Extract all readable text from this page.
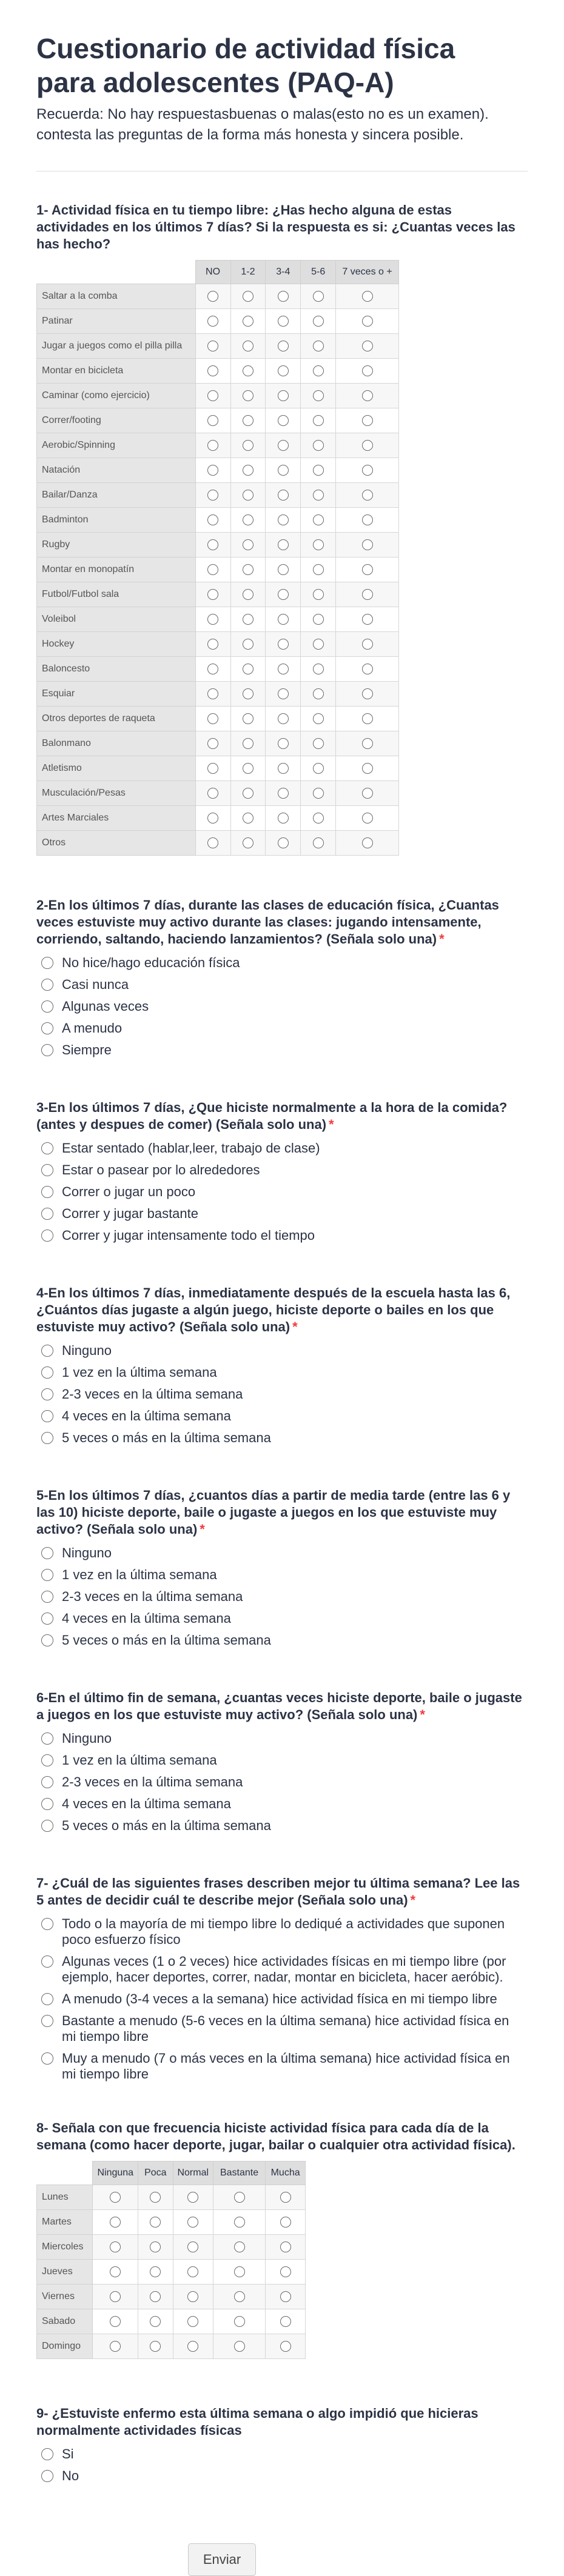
Cuestionario de actividad física para adolescentes (PAQ-A)

Recuerda: No hay respuestasbuenas o malas(esto no es un examen). contesta las preguntas de la forma más honesta y sincera posible.

1- Actividad física en tu tiempo libre: ¿Has hecho alguna de estas actividades en los últimos 7 días? Si la respuesta es si: ¿Cuantas veces las has hecho?
	NO	1-2	3-4	5-6	7 veces o +
Saltar a la comba					
Patinar					
Jugar a juegos como el pilla pilla					
Montar en bicicleta					
Caminar (como ejercicio)					
Correr/footing					
Aerobic/Spinning					
Natación					
Bailar/Danza					
Badminton					
Rugby					
Montar en monopatín					
Futbol/Futbol sala					
Voleibol					
Hockey					
Baloncesto					
Esquiar					
Otros deportes de raqueta					
Balonmano					
Atletismo					
Musculación/Pesas					
Artes Marciales					
Otros					
2-En los últimos 7 días, durante las clases de educación física, ¿Cuantas veces estuviste muy activo durante las clases: jugando intensamente, corriendo, saltando, haciendo lanzamientos? (Señala solo una) *
No hice/hago educación física
Casi nunca
Algunas veces
A menudo
Siempre
3-En los últimos 7 días, ¿Que hiciste normalmente a la hora de la comida? (antes y despues de comer) (Señala solo una) *
Estar sentado (hablar,leer, trabajo de clase)
Estar o pasear por lo alrededores
Correr o jugar un poco
Correr y jugar bastante
Correr y jugar intensamente todo el tiempo
4-En los últimos 7 días, inmediatamente después de la escuela hasta las 6, ¿Cuántos días jugaste a algún juego, hiciste deporte o bailes en los que estuviste muy activo? (Señala solo una) *
Ninguno
1 vez en la última semana
2-3 veces en la última semana
4 veces en la última semana
5 veces o más en la última semana
5-En los últimos 7 días, ¿cuantos días a partir de media tarde (entre las 6 y las 10) hiciste deporte, baile o jugaste a juegos en los que estuviste muy activo? (Señala solo una) *
Ninguno
1 vez en la última semana
2-3 veces en la última semana
4 veces en la última semana
5 veces o más en la última semana
6-En el último fin de semana, ¿cuantas veces hiciste deporte, baile o jugaste a juegos en los que estuviste muy activo? (Señala solo una) *
Ninguno
1 vez en la última semana
2-3 veces en la última semana
4 veces en la última semana
5 veces o más en la última semana
7- ¿Cuál de las siguientes frases describen mejor tu última semana? Lee las 5 antes de decidir cuál te describe mejor (Señala solo una) *
Todo o la mayoría de mi tiempo libre lo dediqué a actividades que suponen poco esfuerzo físico
Algunas veces (1 o 2 veces) hice actividades físicas en mi tiempo libre (por ejemplo, hacer deportes, correr, nadar, montar en bicicleta, hacer aeróbic).
A menudo (3-4 veces a la semana) hice actividad física en mi tiempo libre
Bastante a menudo (5-6 veces en la última semana) hice actividad física en mi tiempo libre
Muy a menudo (7 o más veces en la última semana) hice actividad física en mi tiempo libre
8- Señala con que frecuencia hiciste actividad física para cada día de la semana (como hacer deporte, jugar, bailar o cualquier otra actividad física).
	Ninguna	Poca	Normal	Bastante	Mucha
Lunes					
Martes					
Miercoles					
Jueves					
Viernes					
Sabado					
Domingo					
9- ¿Estuviste enfermo esta última semana o algo impidió que hicieras normalmente actividades físicas
Si
No
Enviar
